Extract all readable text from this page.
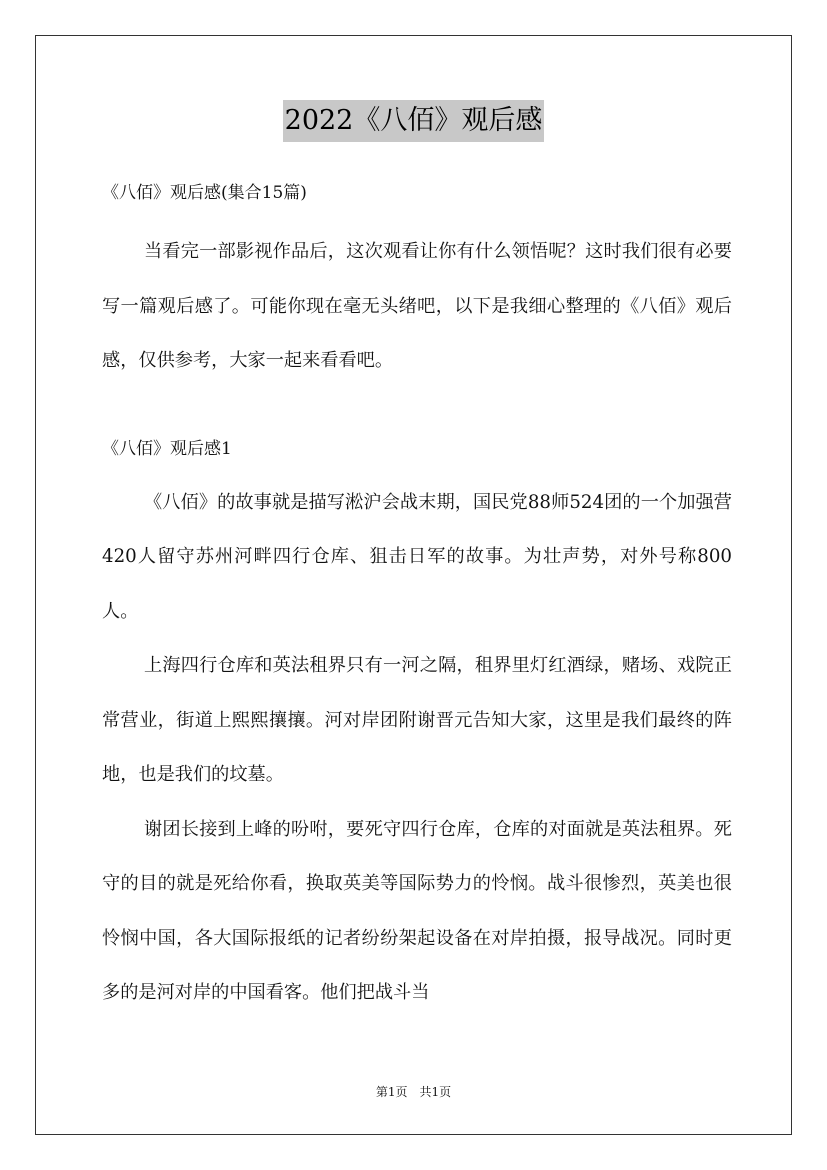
2022《八佰》观后感

《八佰》观后感(集合15篇)

当看完一部影视作品后，这次观看让你有什么领悟呢？这时我们很有必要写一篇观后感了。可能你现在毫无头绪吧，以下是我细心整理的《八佰》观后感，仅供参考，大家一起来看看吧。

《八佰》观后感1

《八佰》的故事就是描写淞沪会战末期，国民党88师524团的一个加强营420人留守苏州河畔四行仓库、狙击日军的故事。为壮声势，对外号称800人。

上海四行仓库和英法租界只有一河之隔，租界里灯红酒绿，赌场、戏院正常营业，街道上熙熙攘攘。河对岸团附谢晋元告知大家，这里是我们最终的阵地，也是我们的坟墓。

谢团长接到上峰的吩咐，要死守四行仓库，仓库的对面就是英法租界。死守的目的就是死给你看，换取英美等国际势力的怜悯。战斗很惨烈，英美也很怜悯中国，各大国际报纸的记者纷纷架起设备在对岸拍摄，报导战况。同时更多的是河对岸的中国看客。他们把战斗当

第1页　共1页
